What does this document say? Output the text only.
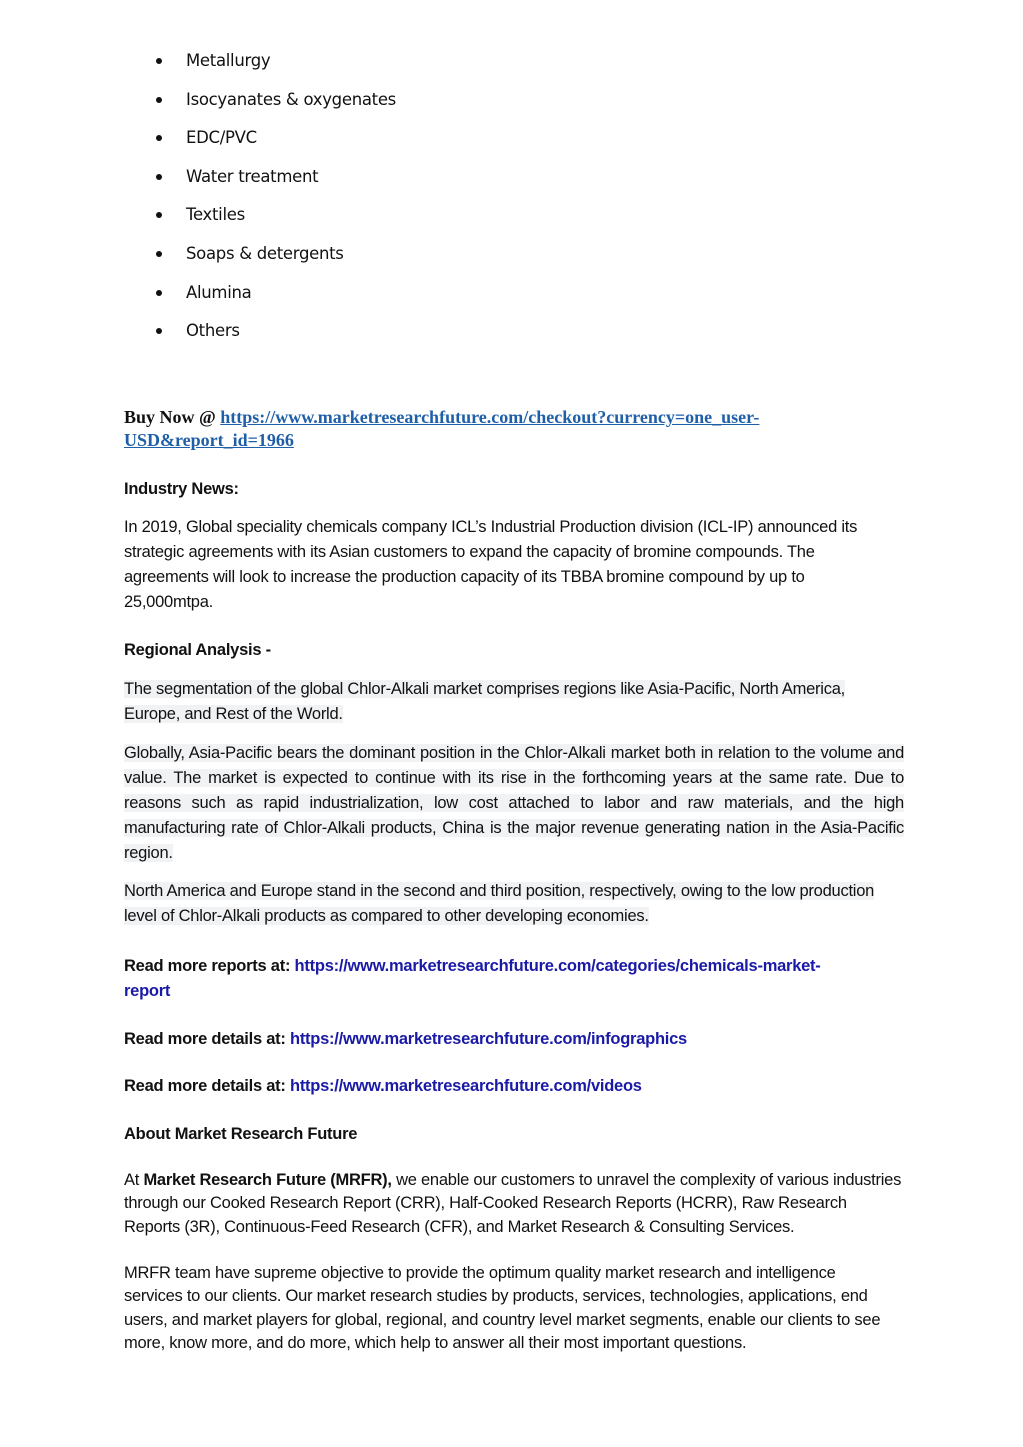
Metallurgy
Isocyanates & oxygenates
EDC/PVC
Water treatment
Textiles
Soaps & detergents
Alumina
Others
Buy Now @ https://www.marketresearchfuture.com/checkout?currency=one_user-
USD&report_id=1966
Industry News:
In 2019, Global speciality chemicals company ICL’s Industrial Production division (ICL-IP) announced its strategic agreements with its Asian customers to expand the capacity of bromine compounds. The agreements will look to increase the production capacity of its TBBA bromine compound by up to 25,000mtpa.
Regional Analysis -
The segmentation of the global Chlor-Alkali market comprises regions like Asia-Pacific, North America, Europe, and Rest of the World.
Globally, Asia-Pacific bears the dominant position in the Chlor-Alkali market both in relation to the volume and value. The market is expected to continue with its rise in the forthcoming years at the same rate. Due to reasons such as rapid industrialization, low cost attached to labor and raw materials, and the high manufacturing rate of Chlor-Alkali products, China is the major revenue generating nation in the Asia-Pacific region.
North America and Europe stand in the second and third position, respectively, owing to the low production level of Chlor-Alkali products as compared to other developing economies.
Read more reports at: https://www.marketresearchfuture.com/categories/chemicals-market-
report
Read more details at: https://www.marketresearchfuture.com/infographics
Read more details at: https://www.marketresearchfuture.com/videos
About Market Research Future
At Market Research Future (MRFR), we enable our customers to unravel the complexity of various industries through our Cooked Research Report (CRR), Half-Cooked Research Reports (HCRR), Raw Research Reports (3R), Continuous-Feed Research (CFR), and Market Research & Consulting Services.
MRFR team have supreme objective to provide the optimum quality market research and intelligence services to our clients. Our market research studies by products, services, technologies, applications, end users, and market players for global, regional, and country level market segments, enable our clients to see more, know more, and do more, which help to answer all their most important questions.
